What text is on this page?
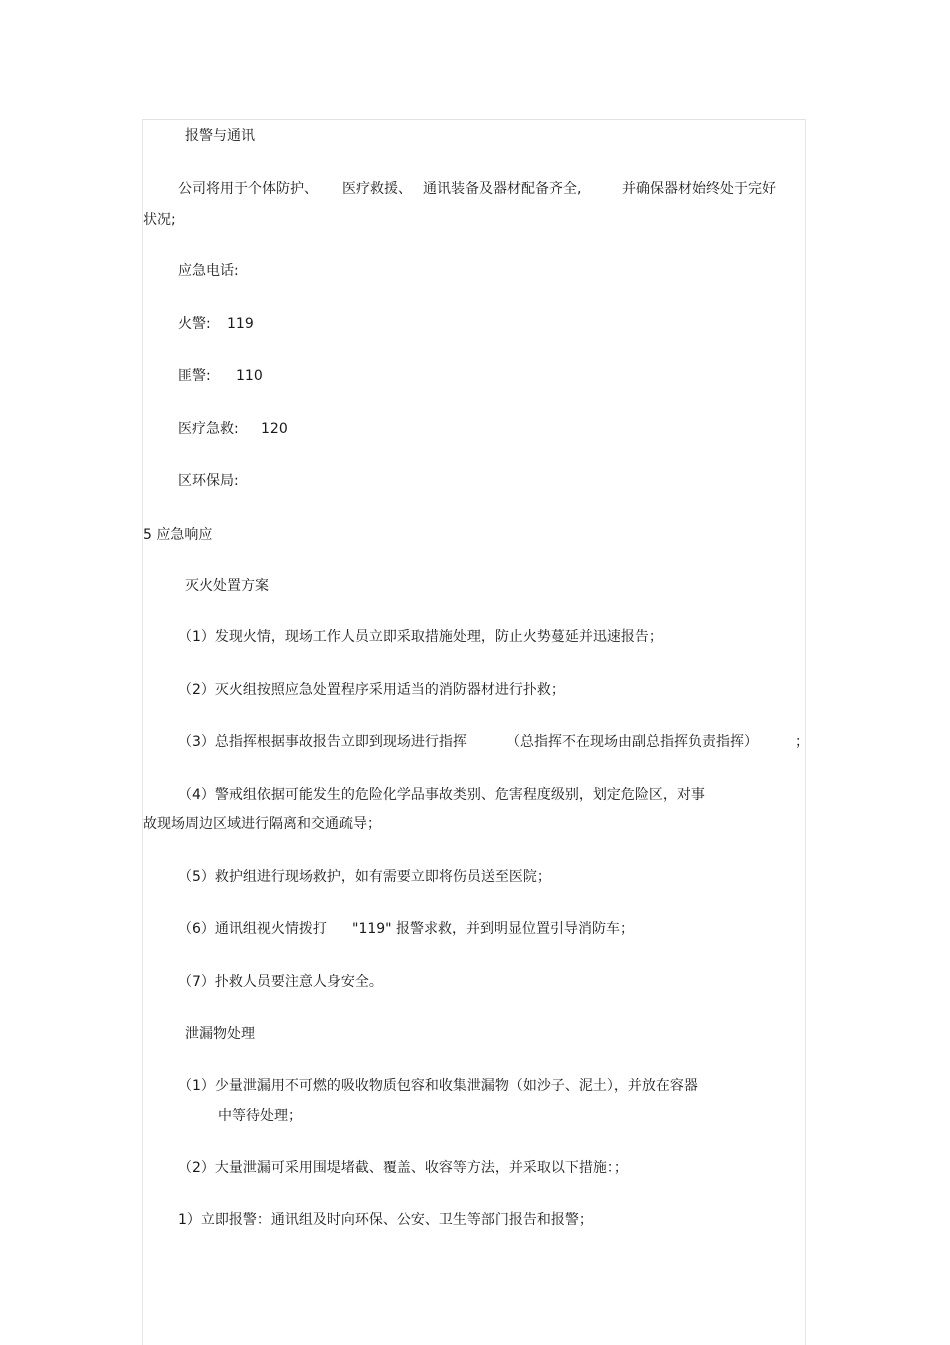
报警与通讯
公司将用于个体防护、 医疗救援、 通讯装备及器材配备齐全,	并确保器材始终处于完好
状况;
应急电话:
火警: 119
匪警: 110
医疗急救: 120
区环保局:
5 应急响应
灭火处置方案
（1）发现火情，现场工作人员立即采取措施处理，防止火势蔓延并迅速报告；
（2）灭火组按照应急处置程序采用适当的消防器材进行扑救；
（3）总指挥根据事故报告立即到现场进行指挥	（总指挥不在现场由副总指挥负责指挥）	；
（4）警戒组依据可能发生的危险化学品事故类别、危害程度级别，划定危险区，对事
故现场周边区域进行隔离和交通疏导；
（5）救护组进行现场救护，如有需要立即将伤员送至医院；
（6）通讯组视火情拨打 "119" 报警求救，并到明显位置引导消防车；
（7）扑救人员要注意人身安全。
泄漏物处理
（1）少量泄漏用不可燃的吸收物质包容和收集泄漏物（如沙子、泥土），并放在容器
中等待处理；
（2）大量泄漏可采用围堤堵截、覆盖、收容等方法，并采取以下措施：；
1）立即报警：通讯组及时向环保、公安、卫生等部门报告和报警；
